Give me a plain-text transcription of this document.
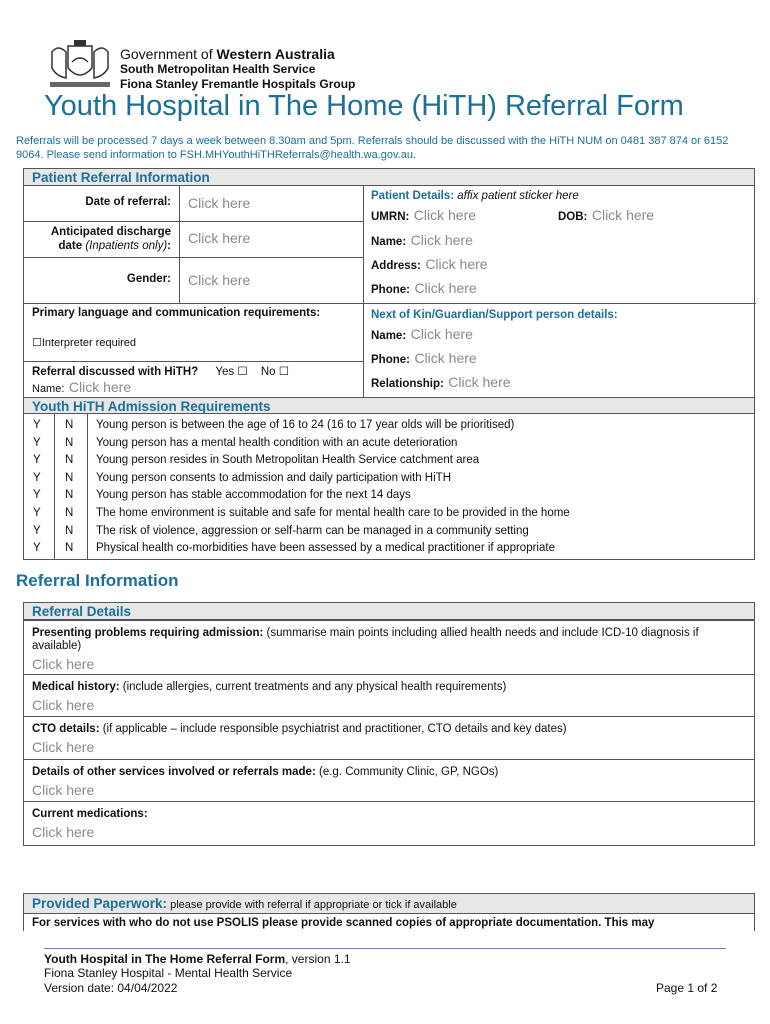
Government of Western Australia
South Metropolitan Health Service
Fiona Stanley Fremantle Hospitals Group
Youth Hospital in The Home (HiTH) Referral Form
Referrals will be processed 7 days a week between 8.30am and 5pm. Referrals should be discussed with the HiTH NUM on 0481 387 874 or 6152 9064. Please send information to FSH.MHYouthHiTHReferrals@health.wa.gov.au.
Patient Referral Information
Date of referral: Click here
Anticipated discharge
date (Inpatients only): Click here
Gender: Click here
Patient Details: affix patient sticker here
UMRN: Click here	DOB: Click here
Name: Click here
Address: Click here
Phone: Click here
Primary language and communication requirements:
☐Interpreter required
Referral discussed with HiTH? Yes ☐ No ☐
Name: Click here
Next of Kin/Guardian/Support person details:
Name: Click here
Phone: Click here
Relationship: Click here
Youth HiTH Admission Requirements
Y N Young person is between the age of 16 to 24 (16 to 17 year olds will be prioritised)
Y N Young person has a mental health condition with an acute deterioration
Y N Young person resides in South Metropolitan Health Service catchment area
Y N Young person consents to admission and daily participation with HiTH
Y N Young person has stable accommodation for the next 14 days
Y N The home environment is suitable and safe for mental health care to be provided in the home
Y N The risk of violence, aggression or self-harm can be managed in a community setting
Y N Physical health co-morbidities have been assessed by a medical practitioner if appropriate
Referral Information
Referral Details
Presenting problems requiring admission: (summarise main points including allied health needs and include ICD-10 diagnosis if available)
Click here
Medical history: (include allergies, current treatments and any physical health requirements)
Click here
CTO details: (if applicable – include responsible psychiatrist and practitioner, CTO details and key dates)
Click here
Details of other services involved or referrals made: (e.g. Community Clinic, GP, NGOs)
Click here
Current medications:
Click here
Provided Paperwork: please provide with referral if appropriate or tick if available
For services with who do not use PSOLIS please provide scanned copies of appropriate documentation. This may
Youth Hospital in The Home Referral Form, version 1.1
Fiona Stanley Hospital - Mental Health Service
Version date: 04/04/2022	Page 1 of 2
